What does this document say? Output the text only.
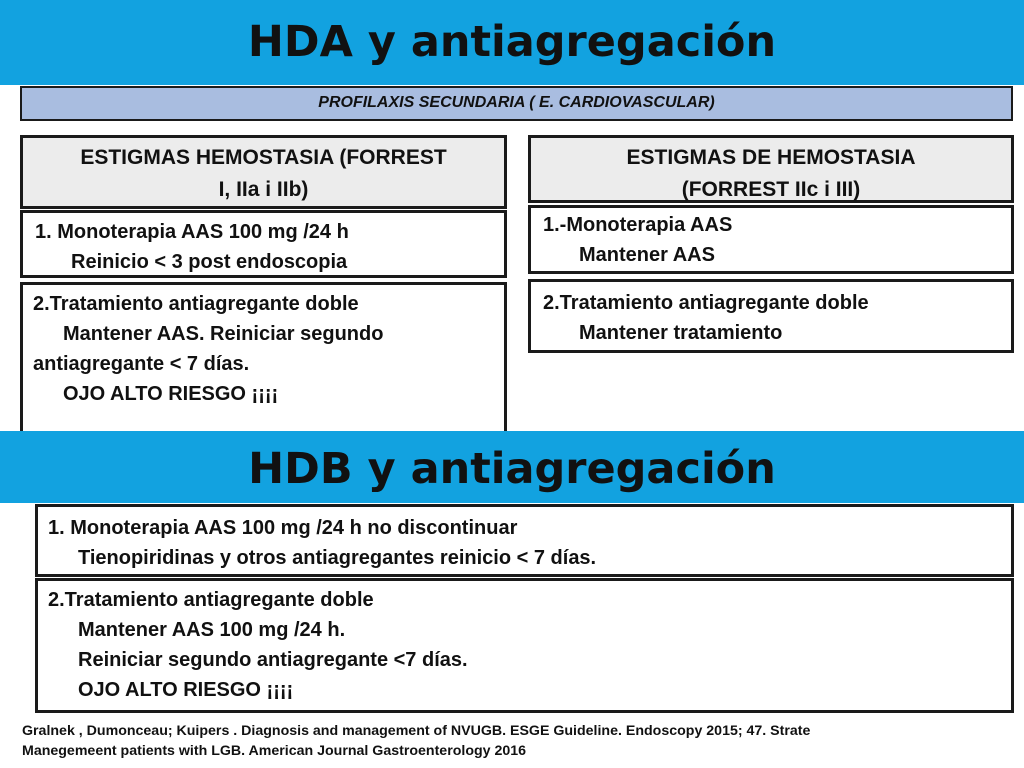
HDA y antiagregación
PROFILAXIS SECUNDARIA ( E. CARDIOVASCULAR)
ESTIGMAS HEMOSTASIA (FORREST
I, IIa i IIb)
1. Monoterapia AAS 100 mg /24 h
Reinicio < 3 post endoscopia
2.Tratamiento antiagregante doble
Mantener AAS. Reiniciar segundo
antiagregante < 7 días.
OJO ALTO RIESGO ¡¡¡¡
ESTIGMAS DE HEMOSTASIA
(FORREST IIc i III)
1.-Monoterapia AAS
Mantener AAS
2.Tratamiento antiagregante doble
Mantener tratamiento
HDB y antiagregación
1. Monoterapia AAS 100 mg /24 h no discontinuar
Tienopiridinas y otros antiagregantes reinicio < 7 días.
2.Tratamiento antiagregante doble
Mantener AAS 100 mg /24 h.
Reiniciar segundo antiagregante <7 días.
OJO ALTO RIESGO ¡¡¡¡
Gralnek , Dumonceau; Kuipers . Diagnosis and management of NVUGB. ESGE Guideline. Endoscopy 2015; 47. Strate
Manegemeent patients with LGB. American Journal Gastroenterology 2016
